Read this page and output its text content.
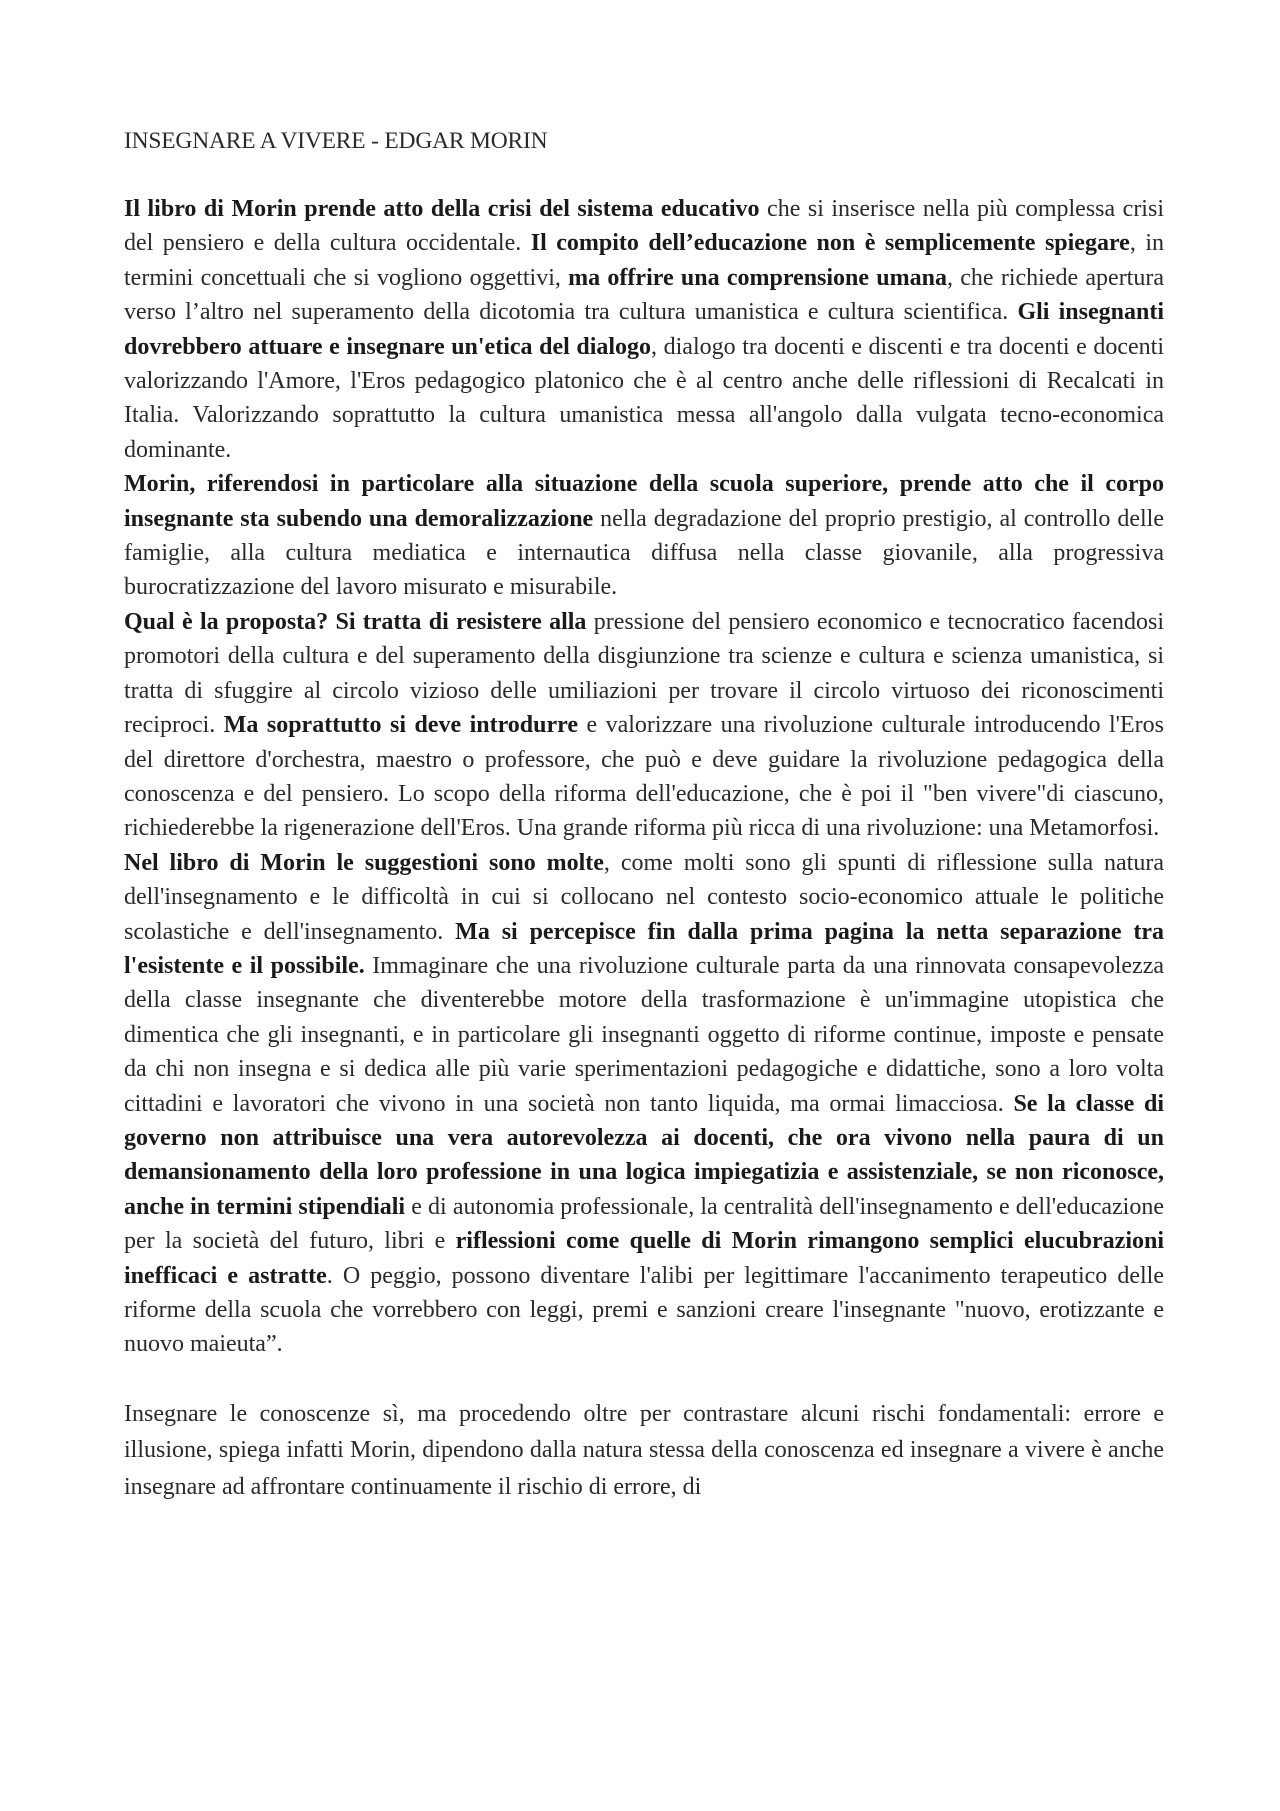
INSEGNARE A VIVERE - EDGAR MORIN

Il libro di Morin prende atto della crisi del sistema educativo che si inserisce nella più complessa crisi del pensiero e della cultura occidentale. Il compito dell’educazione non è semplicemente spiegare, in termini concettuali che si vogliono oggettivi, ma offrire una comprensione umana, che richiede apertura verso l’altro nel superamento della dicotomia tra cultura umanistica e cultura scientifica. Gli insegnanti dovrebbero attuare e insegnare un'etica del dialogo, dialogo tra docenti e discenti e tra docenti e docenti valorizzando l'Amore, l'Eros pedagogico platonico che è al centro anche delle riflessioni di Recalcati in Italia. Valorizzando soprattutto la cultura umanistica messa all'angolo dalla vulgata tecno-economica dominante.

Morin, riferendosi in particolare alla situazione della scuola superiore, prende atto che il corpo insegnante sta subendo una demoralizzazione nella degradazione del proprio prestigio, al controllo delle famiglie, alla cultura mediatica e internautica diffusa nella classe giovanile, alla progressiva burocratizzazione del lavoro misurato e misurabile.

Qual è la proposta? Si tratta di resistere alla pressione del pensiero economico e tecnocratico facendosi promotori della cultura e del superamento della disgiunzione tra scienze e cultura e scienza umanistica, si tratta di sfuggire al circolo vizioso delle umiliazioni per trovare il circolo virtuoso dei riconoscimenti reciproci. Ma soprattutto si deve introdurre e valorizzare una rivoluzione culturale introducendo l'Eros del direttore d'orchestra, maestro o professore, che può e deve guidare la rivoluzione pedagogica della conoscenza e del pensiero. Lo scopo della riforma dell'educazione, che è poi il "ben vivere"di ciascuno, richiederebbe la rigenerazione dell'Eros. Una grande riforma più ricca di una rivoluzione: una Metamorfosi.

Nel libro di Morin le suggestioni sono molte, come molti sono gli spunti di riflessione sulla natura dell'insegnamento e le difficoltà in cui si collocano nel contesto socio-economico attuale le politiche scolastiche e dell'insegnamento. Ma si percepisce fin dalla prima pagina la netta separazione tra l'esistente e il possibile. Immaginare che una rivoluzione culturale parta da una rinnovata consapevolezza della classe insegnante che diventerebbe motore della trasformazione è un'immagine utopistica che dimentica che gli insegnanti, e in particolare gli insegnanti oggetto di riforme continue, imposte e pensate da chi non insegna e si dedica alle più varie sperimentazioni pedagogiche e didattiche, sono a loro volta cittadini e lavoratori che vivono in una società non tanto liquida, ma ormai limacciosa. Se la classe di governo non attribuisce una vera autorevolezza ai docenti, che ora vivono nella paura di un demansionamento della loro professione in una logica impiegatizia e assistenziale, se non riconosce, anche in termini stipendiali e di autonomia professionale, la centralità dell'insegnamento e dell'educazione per la società del futuro, libri e riflessioni come quelle di Morin rimangono semplici elucubrazioni inefficaci e astratte. O peggio, possono diventare l'alibi per legittimare l'accanimento terapeutico delle riforme della scuola che vorrebbero con leggi, premi e sanzioni creare l'insegnante "nuovo, erotizzante e nuovo maieuta”.

Insegnare le conoscenze sì, ma procedendo oltre per contrastare alcuni rischi fondamentali: errore e illusione, spiega infatti Morin, dipendono dalla natura stessa della conoscenza ed insegnare a vivere è anche insegnare ad affrontare continuamente il rischio di errore, di
